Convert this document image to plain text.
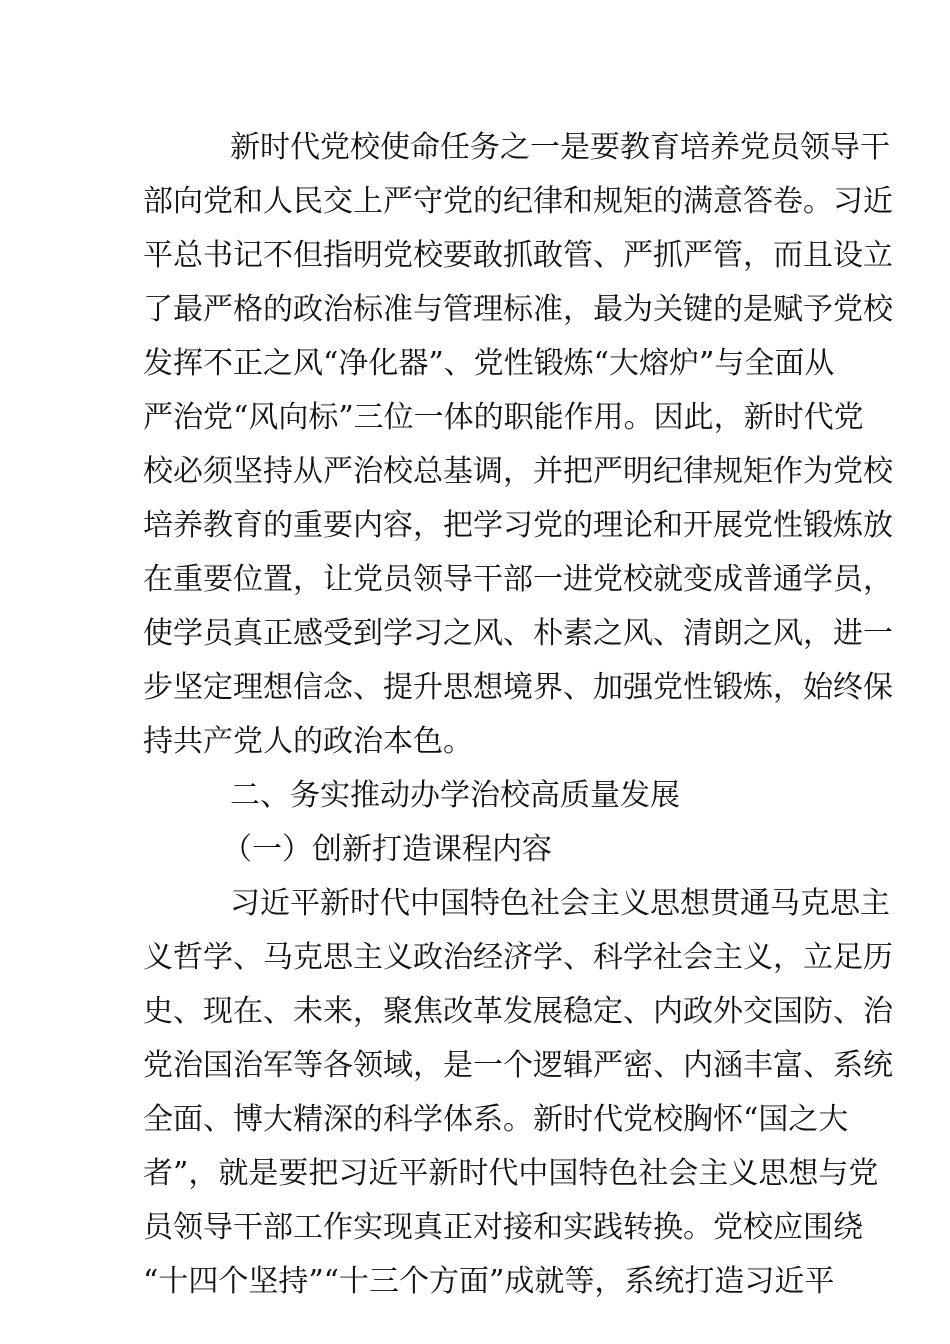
新时代党校使命任务之一是要教育培养党员领导干
部向党和人民交上严守党的纪律和规矩的满意答卷。习近
平总书记不但指明党校要敢抓敢管、严抓严管，而且设立
了最严格的政治标准与管理标准，最为关键的是赋予党校
发挥不正之风“净化器”、党性锻炼“大熔炉”与全面从
严治党“风向标”三位一体的职能作用。因此，新时代党
校必须坚持从严治校总基调，并把严明纪律规矩作为党校
培养教育的重要内容，把学习党的理论和开展党性锻炼放
在重要位置，让党员领导干部一进党校就变成普通学员，
使学员真正感受到学习之风、朴素之风、清朗之风，进一
步坚定理想信念、提升思想境界、加强党性锻炼，始终保
持共产党人的政治本色。
二、务实推动办学治校高质量发展
（一）创新打造课程内容
习近平新时代中国特色社会主义思想贯通马克思主
义哲学、马克思主义政治经济学、科学社会主义，立足历
史、现在、未来，聚焦改革发展稳定、内政外交国防、治
党治国治军等各领域，是一个逻辑严密、内涵丰富、系统
全面、博大精深的科学体系。新时代党校胸怀“国之大
者”，就是要把习近平新时代中国特色社会主义思想与党
员领导干部工作实现真正对接和实践转换。党校应围绕
“十四个坚持”“十三个方面”成就等，系统打造习近平
